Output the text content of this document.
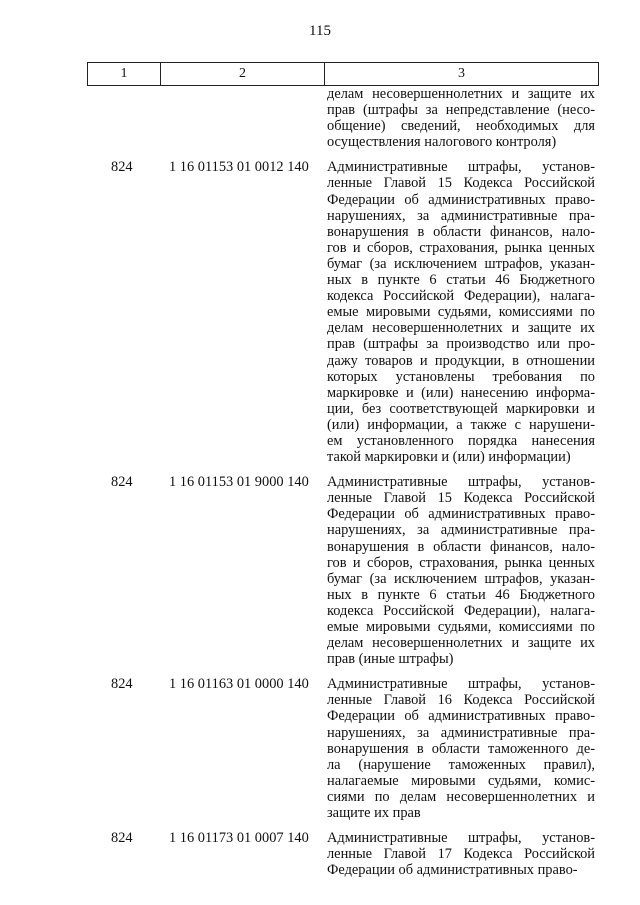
115
1	2	3
делам несовершеннолетних и защите их
прав (штрафы за непредставление (несо-
общение) сведений, необходимых для
осуществления налогового контроля)
824	1 16 01153 01 0012 140	Административные штрафы, установ-
ленные Главой 15 Кодекса Российской
Федерации об административных право-
нарушениях, за административные пра-
вонарушения в области финансов, нало-
гов и сборов, страхования, рынка ценных
бумаг (за исключением штрафов, указан-
ных в пункте 6 статьи 46 Бюджетного
кодекса Российской Федерации), налага-
емые мировыми судьями, комиссиями по
делам несовершеннолетних и защите их
прав (штрафы за производство или про-
дажу товаров и продукции, в отношении
которых установлены требования по
маркировке и (или) нанесению информа-
ции, без соответствующей маркировки и
(или) информации, а также с нарушени-
ем установленного порядка нанесения
такой маркировки и (или) информации)
824	1 16 01153 01 9000 140	Административные штрафы, установ-
ленные Главой 15 Кодекса Российской
Федерации об административных право-
нарушениях, за административные пра-
вонарушения в области финансов, нало-
гов и сборов, страхования, рынка ценных
бумаг (за исключением штрафов, указан-
ных в пункте 6 статьи 46 Бюджетного
кодекса Российской Федерации), налага-
емые мировыми судьями, комиссиями по
делам несовершеннолетних и защите их
прав (иные штрафы)
824	1 16 01163 01 0000 140	Административные штрафы, установ-
ленные Главой 16 Кодекса Российской
Федерации об административных право-
нарушениях, за административные пра-
вонарушения в области таможенного де-
ла (нарушение таможенных правил),
налагаемые мировыми судьями, комис-
сиями по делам несовершеннолетних и
защите их прав
824	1 16 01173 01 0007 140	Административные штрафы, установ-
ленные Главой 17 Кодекса Российской
Федерации об административных право-
